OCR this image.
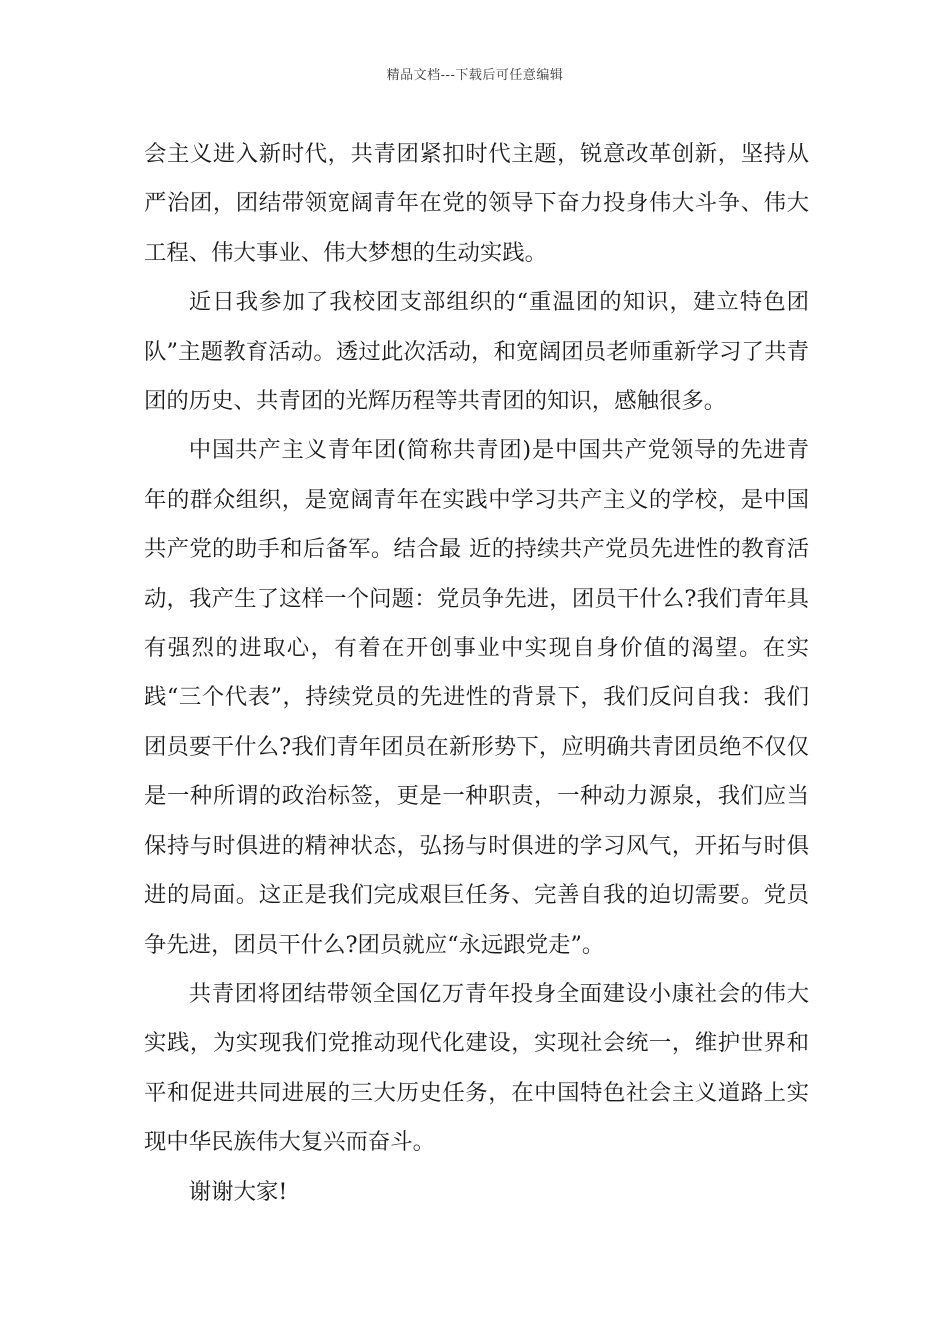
精品文档---下载后可任意编辑

会主义进入新时代，共青团紧扣时代主题，锐意改革创新，坚持从严治团，团结带领宽阔青年在党的领导下奋力投身伟大斗争、伟大工程、伟大事业、伟大梦想的生动实践。

近日我参加了我校团支部组织的“重温团的知识，建立特色团队”主题教育活动。透过此次活动，和宽阔团员老师重新学习了共青团的历史、共青团的光辉历程等共青团的知识，感触很多。

中国共产主义青年团(简称共青团)是中国共产党领导的先进青年的群众组织，是宽阔青年在实践中学习共产主义的学校，是中国共产党的助手和后备军。结合最 近的持续共产党员先进性的教育活动，我产生了这样一个问题：党员争先进，团员干什么?我们青年具有强烈的进取心，有着在开创事业中实现自身价值的渴望。在实践“三个代表”，持续党员的先进性的背景下，我们反问自我：我们团员要干什么?我们青年团员在新形势下，应明确共青团员绝不仅仅是一种所谓的政治标签，更是一种职责，一种动力源泉，我们应当保持与时俱进的精神状态，弘扬与时俱进的学习风气，开拓与时俱进的局面。这正是我们完成艰巨任务、完善自我的迫切需要。党员争先进，团员干什么?团员就应“永远跟党走”。

共青团将团结带领全国亿万青年投身全面建设小康社会的伟大实践，为实现我们党推动现代化建设，实现社会统一，维护世界和平和促进共同进展的三大历史任务，在中国特色社会主义道路上实现中华民族伟大复兴而奋斗。

谢谢大家!
